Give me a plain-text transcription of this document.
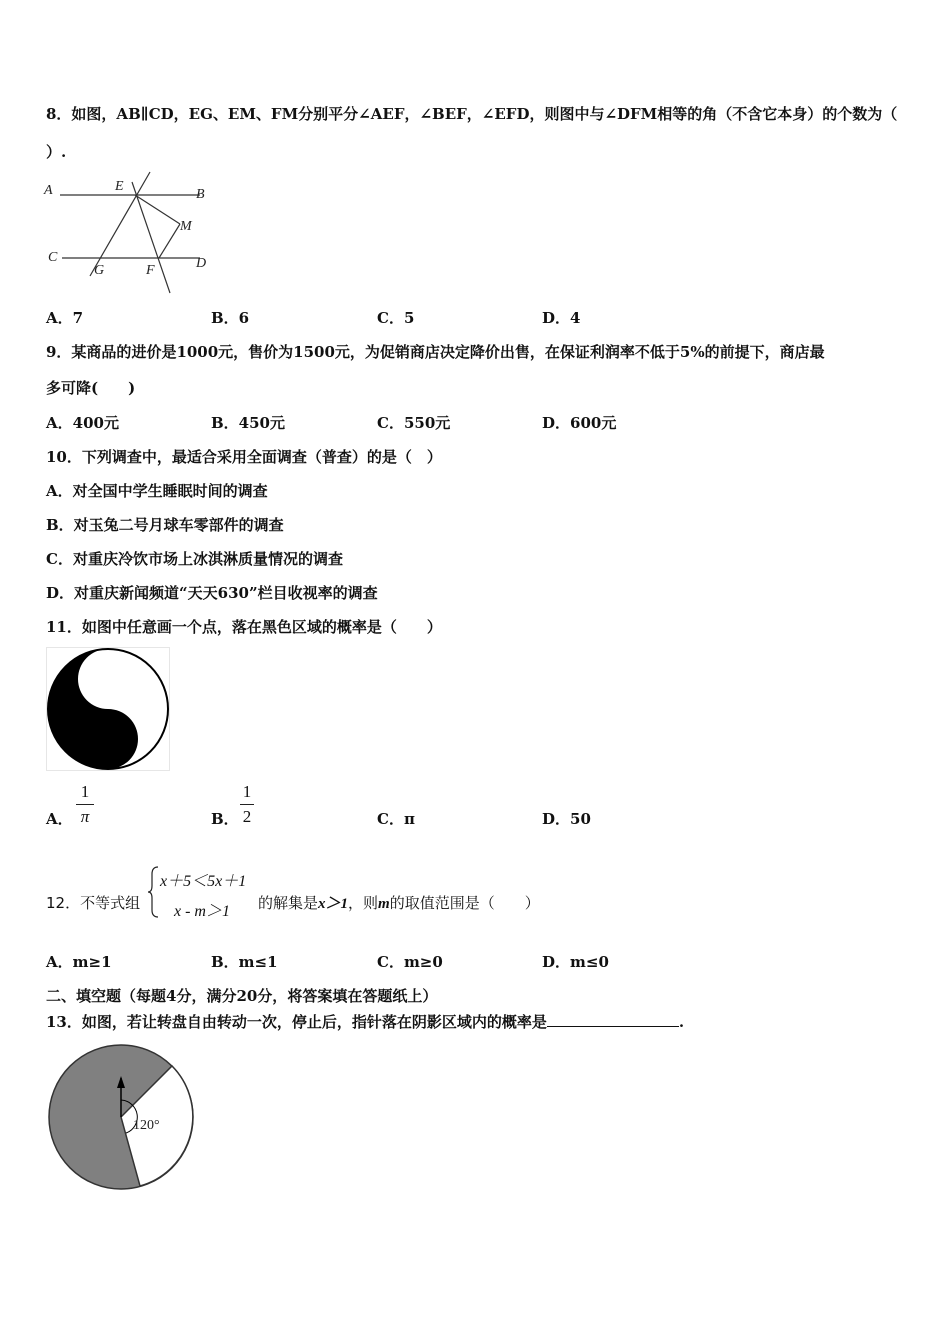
8．如图，AB∥CD，EG、EM、FM分别平分∠AEF，∠BEF，∠EFD，则图中与∠DFM相等的角（不含它本身）的个数为（
）.
A	B
C	D
E
F
G
M
A．7	B．6	C．5	D．4
9．某商品的进价是1000元，售价为1500元，为促销商店决定降价出售，在保证利润率不低于5%的前提下，商店最
多可降(　　)
A．400元	B．450元	C．550元	D．600元
10．下列调查中，最适合采用全面调查（普查）的是（　）
A．对全国中学生睡眠时间的调查
B．对玉兔二号月球车零部件的调查
C．对重庆冷饮市场上冰淇淋质量情况的调查
D．对重庆新闻频道“天天630”栏目收视率的调查
11．如图中任意画一个点，落在黑色区域的概率是（　　）
A．
1
π	B．
1
2	C．π	D．50
12．不等式组
x＋5＜5x＋1
x - m＞1 的解集是x＞1，则m的取值范围是（　　）
A．m≥1	B．m≤1	C．m≥0	D．m≤0
二、填空题（每题4分，满分20分，将答案填在答题纸上）
13．如图，若让转盘自由转动一次，停止后，指针落在阴影区域内的概率是	.
120°
